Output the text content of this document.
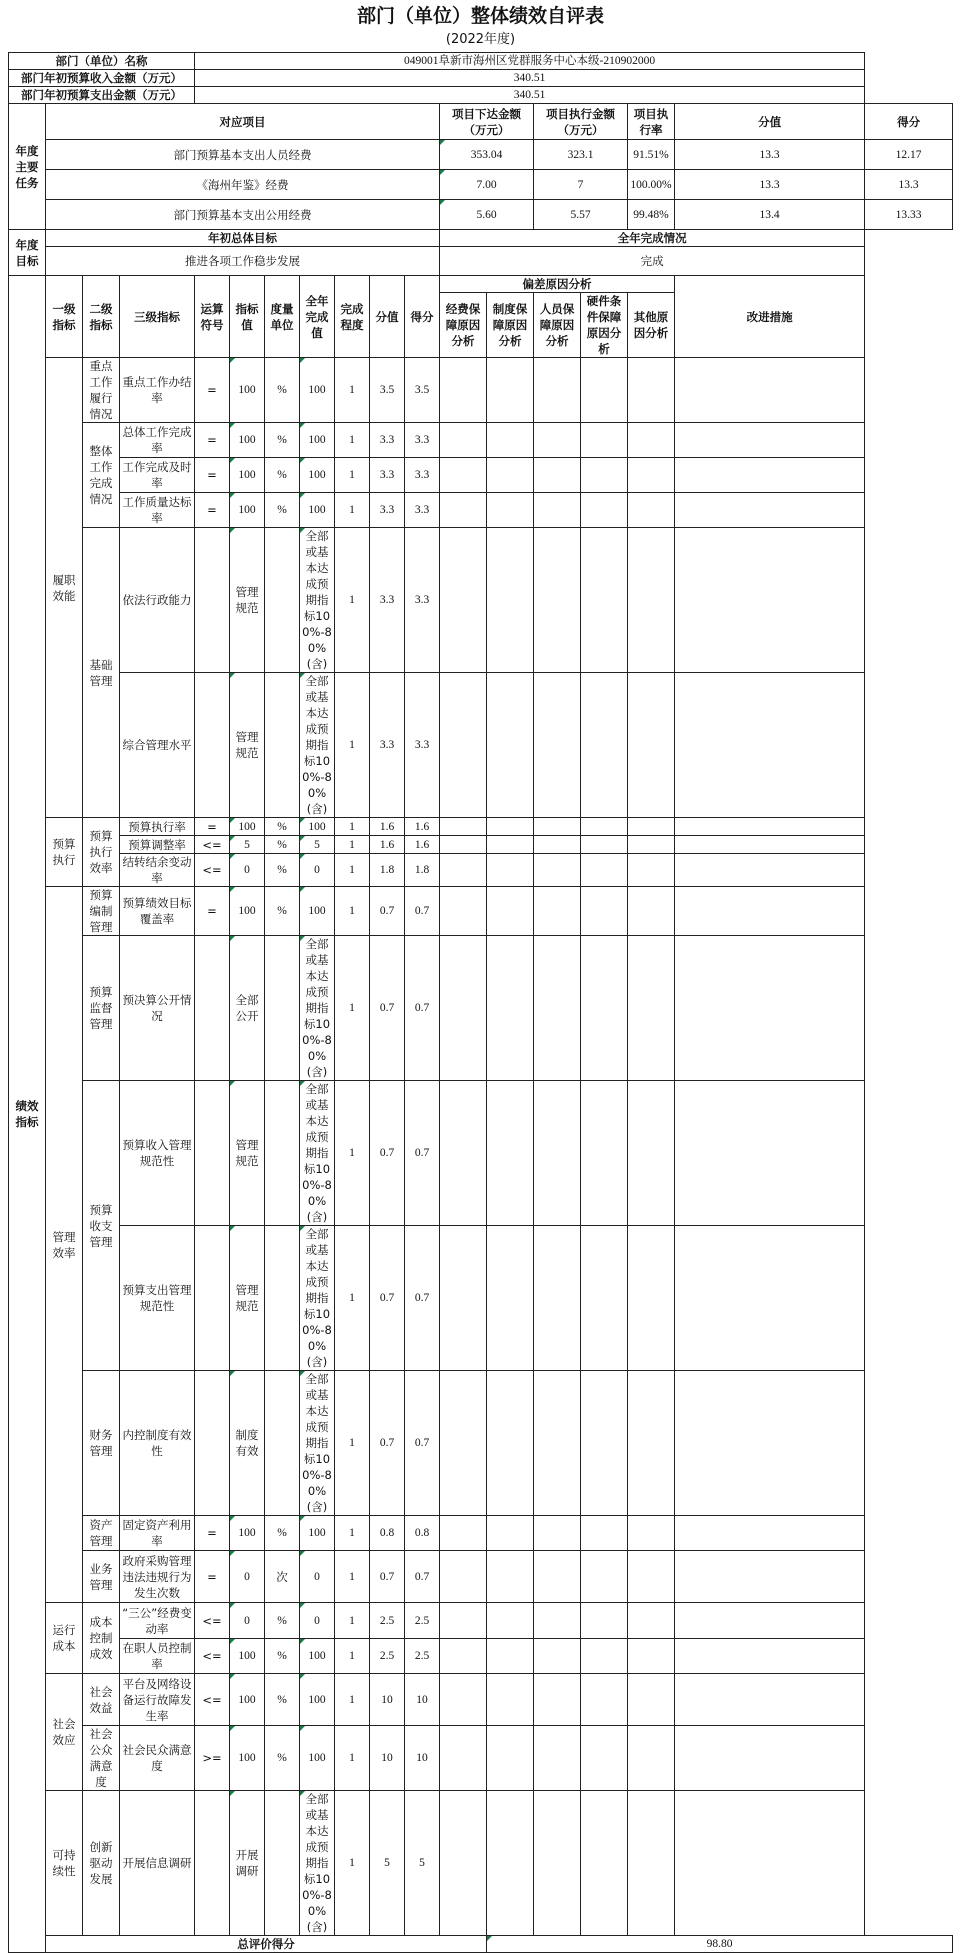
部门（单位）整体绩效自评表
(2022年度)
部门（单位）名称				049001阜新市海州区党群服务中心本级-210902000													
部门年初预算收入金额（万元）				340.51													
部门年初预算支出金额（万元）				340.51													
年度主要任务	对应项目										项目下达金额（万元）		项目执行金额（万元）		项目执行率	分值	得分
	部门预算基本支出人员经费										353.04		323.1		91.51%	13.3	12.17
	《海州年鉴》经费										7.00		7		100.00%	13.3	13.3
	部门预算基本支出公用经费										5.60		5.57		99.48%	13.4	13.33
年度目标	年初总体目标										全年完成情况						
	推进各项工作稳步发展										完成						
绩效指标	一级指标	二级指标	三级指标	运算符号	指标值	度量单位	全年完成值	完成程度	分值	得分	偏差原因分析					改进措施	
											经费保障原因分析	制度保障原因分析	人员保障原因分析	硬件条件保障原因分析	其他原因分析		
	履职效能	重点工作履行情况	重点工作办结率	=	100	%	100	1	3.5	3.5							
		整体工作完成情况	总体工作完成率	=	100	%	100	1	3.3	3.3							
			工作完成及时率	=	100	%	100	1	3.3	3.3							
			工作质量达标率	=	100	%	100	1	3.3	3.3							
		基础管理	依法行政能力		管理规范		全部或基本达成预期指标100%-80%(含)	1	3.3	3.3							
			综合管理水平		管理规范		全部或基本达成预期指标100%-80%(含)	1	3.3	3.3							
	预算执行	预算执行效率	预算执行率	=	100	%	100	1	1.6	1.6							
			预算调整率	<=	5	%	5	1	1.6	1.6							
			结转结余变动率	<=	0	%	0	1	1.8	1.8							
	管理效率	预算编制管理	预算绩效目标覆盖率	=	100	%	100	1	0.7	0.7							
		预算监督管理	预决算公开情况		全部公开		全部或基本达成预期指标100%-80%(含)	1	0.7	0.7							
		预算收支管理	预算收入管理规范性		管理规范		全部或基本达成预期指标100%-80%(含)	1	0.7	0.7							
			预算支出管理规范性		管理规范		全部或基本达成预期指标100%-80%(含)	1	0.7	0.7							
		财务管理	内控制度有效性		制度有效		全部或基本达成预期指标100%-80%(含)	1	0.7	0.7							
		资产管理	固定资产利用率	=	100	%	100	1	0.8	0.8							
		业务管理	政府采购管理违法违规行为发生次数	=	0	次	0	1	0.7	0.7							
	运行成本	成本控制成效	“三公”经费变动率	<=	0	%	0	1	2.5	2.5							
			在职人员控制率	<=	100	%	100	1	2.5	2.5							
	社会效应	社会效益	平台及网络设备运行故障发生率	<=	100	%	100	1	10	10							
		社会公众满意度	社会民众满意度	>=	100	%	100	1	10	10							
	可持续性	创新驱动发展	开展信息调研		开展调研		全部或基本达成预期指标100%-80%(含)	1	5	5							
	总评价得分											98.80					
